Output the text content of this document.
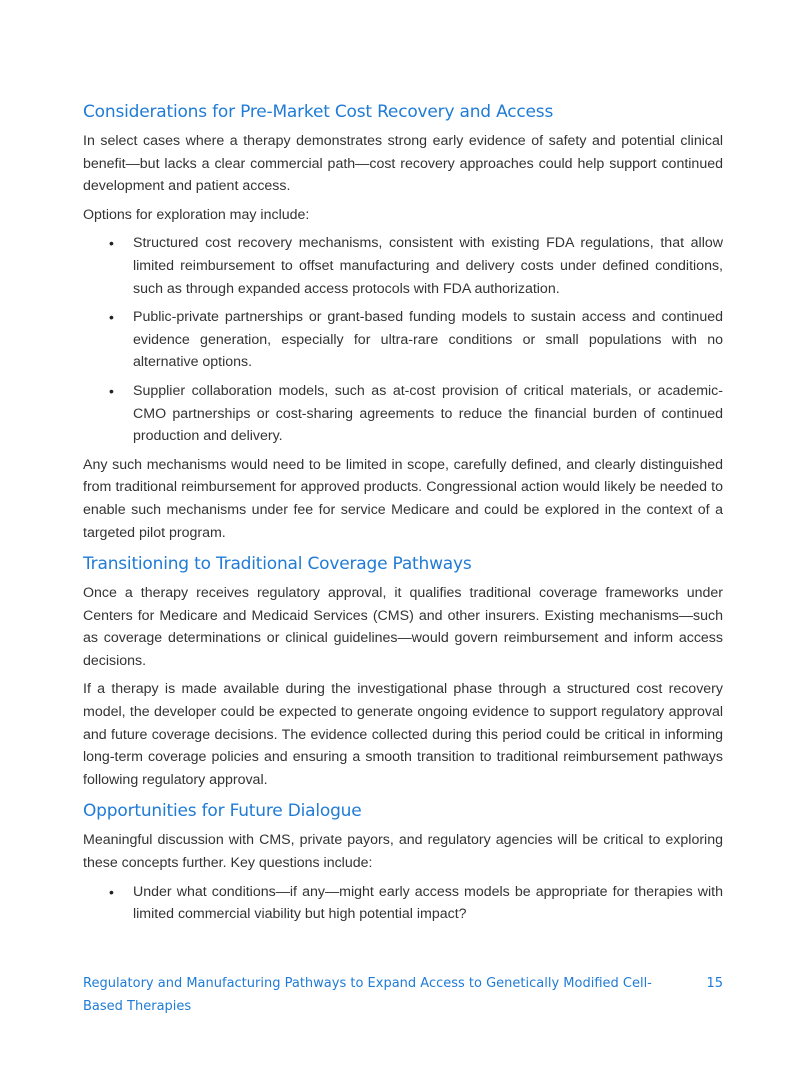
Considerations for Pre-Market Cost Recovery and Access

In select cases where a therapy demonstrates strong early evidence of safety and potential clinical benefit—but lacks a clear commercial path—cost recovery approaches could help support continued development and patient access.

Options for exploration may include:

• Structured cost recovery mechanisms, consistent with existing FDA regulations, that allow limited reimbursement to offset manufacturing and delivery costs under defined conditions, such as through expanded access protocols with FDA authorization.
• Public-private partnerships or grant-based funding models to sustain access and continued evidence generation, especially for ultra-rare conditions or small populations with no alternative options.
• Supplier collaboration models, such as at-cost provision of critical materials, or academic-CMO partnerships or cost-sharing agreements to reduce the financial burden of continued production and delivery.

Any such mechanisms would need to be limited in scope, carefully defined, and clearly distinguished from traditional reimbursement for approved products. Congressional action would likely be needed to enable such mechanisms under fee for service Medicare and could be explored in the context of a targeted pilot program.

Transitioning to Traditional Coverage Pathways

Once a therapy receives regulatory approval, it qualifies traditional coverage frameworks under Centers for Medicare and Medicaid Services (CMS) and other insurers. Existing mechanisms—such as coverage determinations or clinical guidelines—would govern reimbursement and inform access decisions.

If a therapy is made available during the investigational phase through a structured cost recovery model, the developer could be expected to generate ongoing evidence to support regulatory approval and future coverage decisions. The evidence collected during this period could be critical in informing long-term coverage policies and ensuring a smooth transition to traditional reimbursement pathways following regulatory approval.

Opportunities for Future Dialogue

Meaningful discussion with CMS, private payors, and regulatory agencies will be critical to exploring these concepts further. Key questions include:

• Under what conditions—if any—might early access models be appropriate for therapies with limited commercial viability but high potential impact?
Regulatory and Manufacturing Pathways to Expand Access to Genetically Modified Cell-Based Therapies
15
